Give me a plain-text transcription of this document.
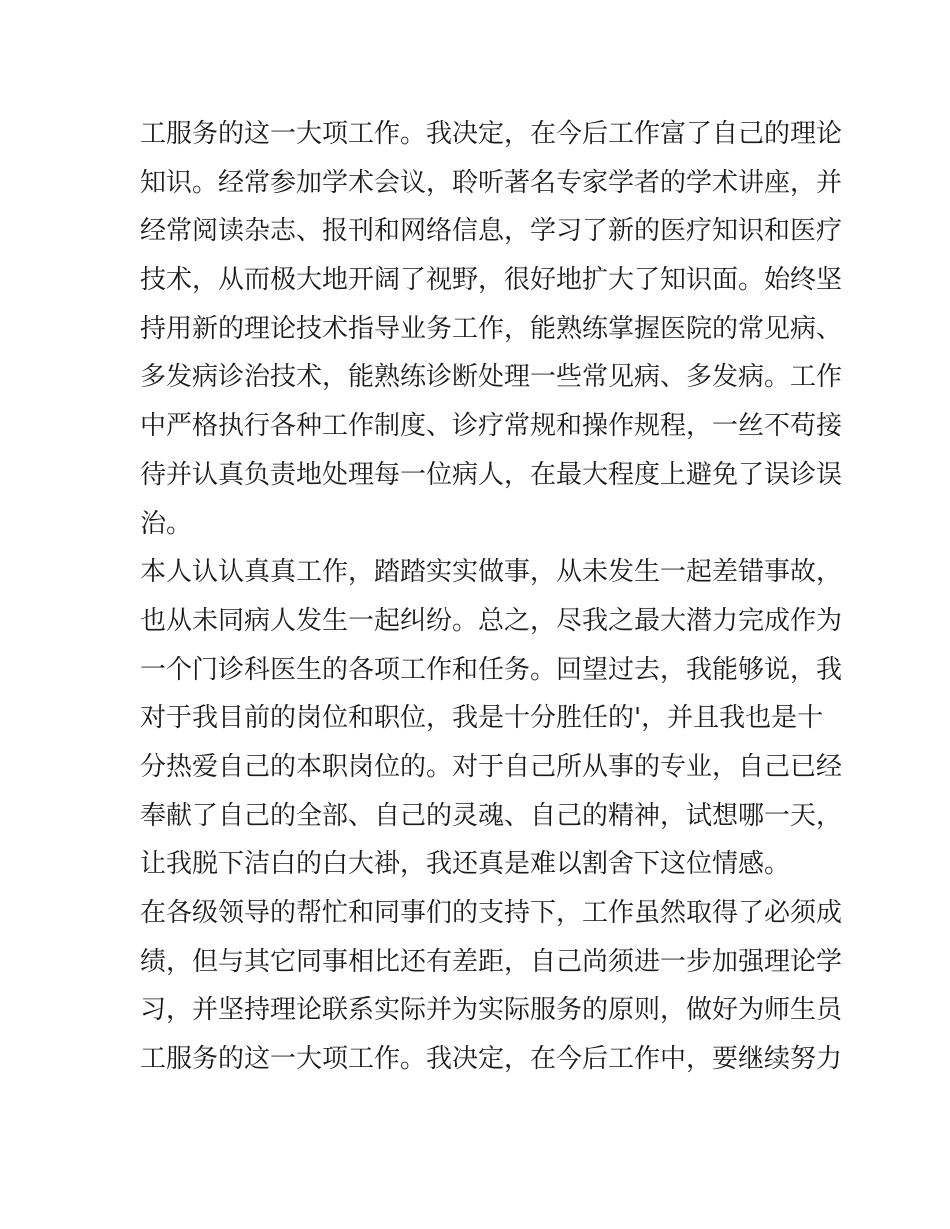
工服务的这一大项工作。我决定，在今后工作富了自己的理论
知识。经常参加学术会议，聆听著名专家学者的学术讲座，并
经常阅读杂志、报刊和网络信息，学习了新的医疗知识和医疗
技术，从而极大地开阔了视野，很好地扩大了知识面。始终坚
持用新的理论技术指导业务工作，能熟练掌握医院的常见病、
多发病诊治技术，能熟练诊断处理一些常见病、多发病。工作
中严格执行各种工作制度、诊疗常规和操作规程，一丝不苟接
待并认真负责地处理每一位病人，在最大程度上避免了误诊误
治。
本人认认真真工作，踏踏实实做事，从未发生一起差错事故，
也从未同病人发生一起纠纷。总之，尽我之最大潜力完成作为
一个门诊科医生的各项工作和任务。回望过去，我能够说，我
对于我目前的岗位和职位，我是十分胜任的'，并且我也是十
分热爱自己的本职岗位的。对于自己所从事的专业，自己已经
奉献了自己的全部、自己的灵魂、自己的精神，试想哪一天，
让我脱下洁白的白大褂，我还真是难以割舍下这位情感。
在各级领导的帮忙和同事们的支持下，工作虽然取得了必须成
绩，但与其它同事相比还有差距，自己尚须进一步加强理论学
习，并坚持理论联系实际并为实际服务的原则，做好为师生员
工服务的这一大项工作。我决定，在今后工作中，要继续努力
